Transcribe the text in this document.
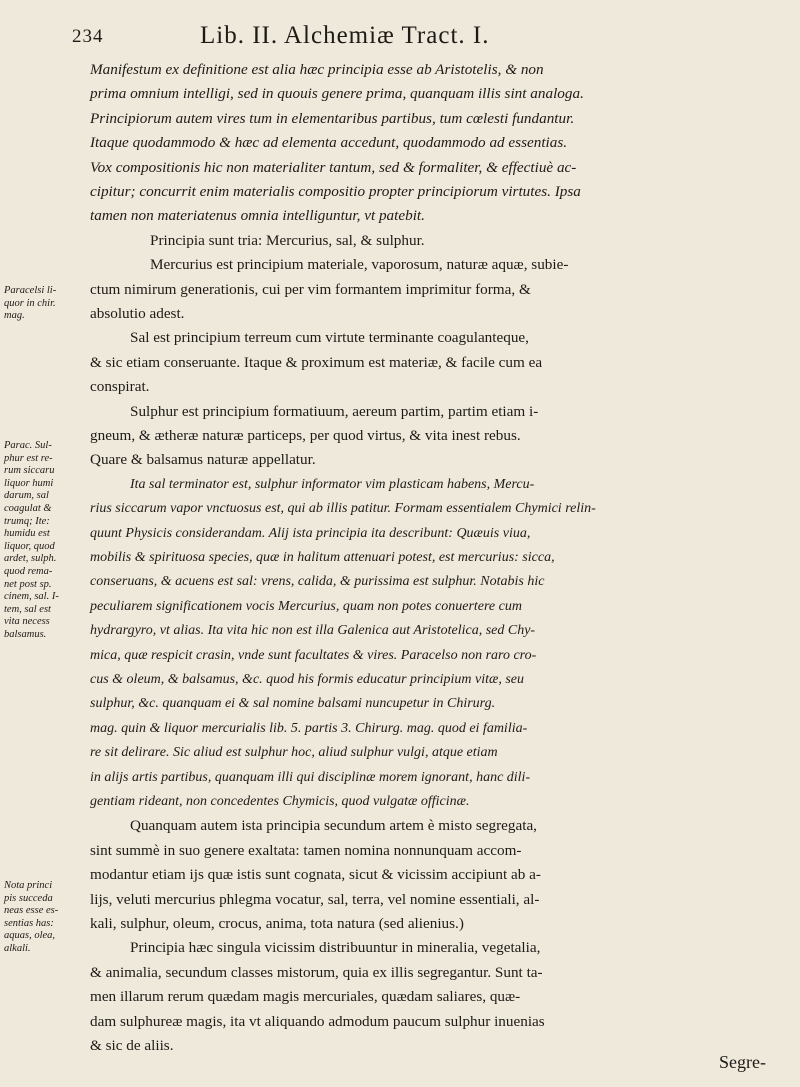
234	Lib. II. Alchemiæ Tract. I.
Paracelsi li-
quor in chir.
mag.
Parac. Sul-
phur est re-
rum siccaru
liquor humi
darum, sal
coagulat &
trumq; Ite:
humidu est
liquor, quod
ardet, sulph.
quod rema-
net post sp.
cinem, sal. I-
tem, sal est
vita necess
balsamus.
Nota princi
pis succeda
neas esse es-
sentias has:
aquas, olea,
alkali.
Manifestum ex definitione est alia hæc principia esse ab Aristotelis, & non
prima omnium intelligi, sed in quouis genere prima, quanquam illis sint analoga.
Principiorum autem vires tum in elementaribus partibus, tum cœlesti fundantur.
Itaque quodammodo & hæc ad elementa accedunt, quodammodo ad essentias.
Vox compositionis hic non materialiter tantum, sed & formaliter, & effectiuè ac-
cipitur; concurrit enim materialis compositio propter principiorum virtutes. Ipsa
tamen non materiatenus omnia intelliguntur, vt patebit.
Principia sunt tria: Mercurius, sal, & sulphur.
Mercurius est principium materiale, vaporosum, naturæ aquæ, subie-
ctum nimirum generationis, cui per vim formantem imprimitur forma, &
absolutio adest.
Sal est principium terreum cum virtute terminante coagulanteque,
& sic etiam conseruante. Itaque & proximum est materiæ, & facile cum ea
conspirat.
Sulphur est principium formatiuum, aereum partim, partim etiam i-
gneum, & ætheræ naturæ particeps, per quod virtus, & vita inest rebus.
Quare & balsamus naturæ appellatur.
Ita sal terminator est, sulphur informator vim plasticam habens, Mercu-
rius siccarum vapor vnctuosus est, qui ab illis patitur. Formam essentialem Chymici relin-
quunt Physicis considerandam. Alij ista principia ita describunt: Quæuis viua,
mobilis & spirituosa species, quæ in halitum attenuari potest, est mercurius: sicca,
conseruans, & acuens est sal: vrens, calida, & purissima est sulphur. Notabis hic
peculiarem significationem vocis Mercurius, quam non potes conuertere cum
hydrargyro, vt alias. Ita vita hic non est illa Galenica aut Aristotelica, sed Chy-
mica, quæ respicit crasin, vnde sunt facultates & vires. Paracelso non raro cro-
cus & oleum, & balsamus, &c. quod his formis educatur principium vitæ, seu
sulphur, &c. quanquam ei & sal nomine balsami nuncupetur in Chirurg.
mag. quin & liquor mercurialis lib. 5. partis 3. Chirurg. mag. quod ei familia-
re sit delirare. Sic aliud est sulphur hoc, aliud sulphur vulgi, atque etiam
in alijs artis partibus, quanquam illi qui disciplinæ morem ignorant, hanc dili-
gentiam rideant, non concedentes Chymicis, quod vulgatæ officinæ.
Quanquam autem ista principia secundum artem è misto segregata,
sint summè in suo genere exaltata: tamen nomina nonnunquam accom-
modantur etiam ijs quæ istis sunt cognata, sicut & vicissim accipiunt ab a-
lijs, veluti mercurius phlegma vocatur, sal, terra, vel nomine essentiali, al-
kali, sulphur, oleum, crocus, anima, tota natura (sed alienius.)
Principia hæc singula vicissim distribuuntur in mineralia, vegetalia,
& animalia, secundum classes mistorum, quia ex illis segregantur. Sunt ta-
men illarum rerum quædam magis mercuriales, quædam saliares, quæ-
dam sulphureæ magis, ita vt aliquando admodum paucum sulphur inuenias
& sic de aliis.
Segre-
